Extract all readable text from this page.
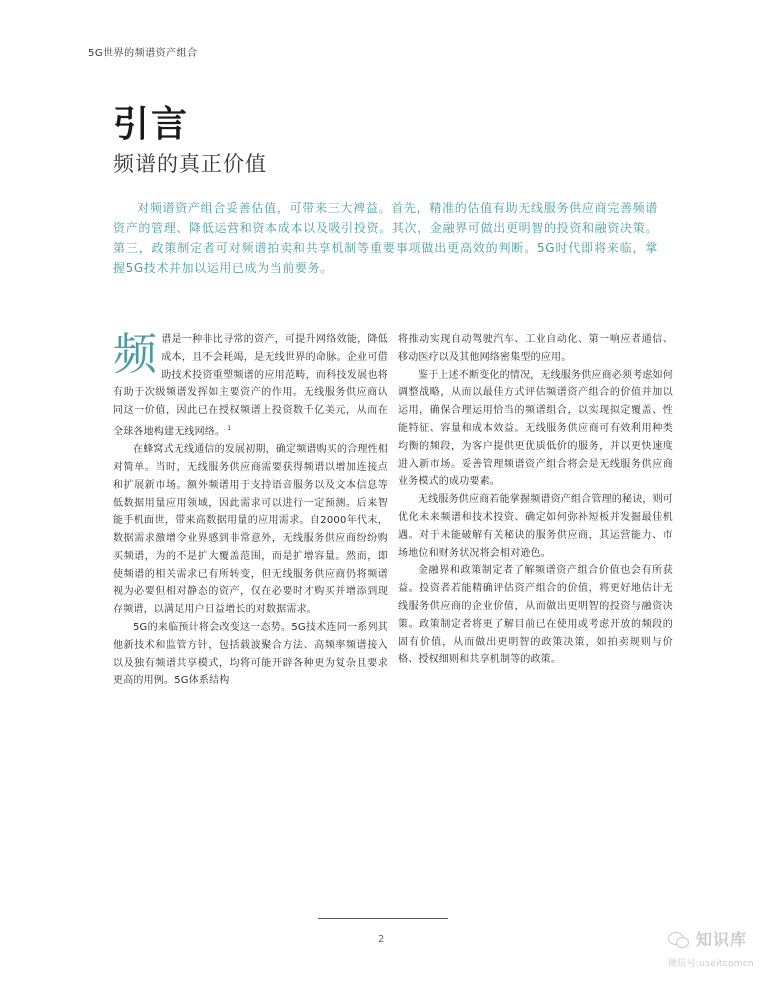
5G世界的频谱资产组合
引言
频谱的真正价值

对频谱资产组合妥善估值，可带来三大裨益。首先，精准的估值有助无线服务供应商完善频谱资产的管理、降低运营和资本成本以及吸引投资。其次，金融界可做出更明智的投资和融资决策。第三，政策制定者可对频谱拍卖和共享机制等重要事项做出更高效的判断。5G时代即将来临，掌握5G技术并加以运用已成为当前要务。

频谱是一种非比寻常的资产，可提升网络效能，降低成本，且不会耗竭，是无线世界的命脉。企业可借助技术投资重塑频谱的应用范畴，而科技发展也将有助于次级频谱发挥如主要资产的作用。无线服务供应商认同这一价值，因此已在授权频谱上投资数千亿美元，从而在全球各地构建无线网络。 $^1$

在蜂窝式无线通信的发展初期，确定频谱购买的合理性相对简单。当时，无线服务供应商需要获得频谱以增加连接点和扩展新市场。额外频谱用于支持语音服务以及文本信息等低数据用量应用领域，因此需求可以进行一定预测。后来智能手机面世，带来高数据用量的应用需求。自2000年代末，数据需求激增令业界感到非常意外，无线服务供应商纷纷购买频谱，为的不是扩大覆盖范围，而是扩增容量。然而，即使频谱的相关需求已有所转变，但无线服务供应商仍将频谱视为必要但相对静态的资产，仅在必要时才购买并增添到现存频谱，以满足用户日益增长的对数据需求。

5G的来临预计将会改变这一态势。5G技术连同一系列其他新技术和监管方针，包括载波聚合方法、高频率频谱接入以及独有频谱共享模式，均将可能开辟各种更为复杂且要求更高的用例。5G体系结构

将推动实现自动驾驶汽车、工业自动化、第一响应者通信、移动医疗以及其他网络密集型的应用。

鉴于上述不断变化的情况，无线服务供应商必须考虑如何调整战略，从而以最佳方式评估频谱资产组合的价值并加以运用，确保合理运用恰当的频谱组合，以实现拟定覆盖、性能特征、容量和成本效益。无线服务供应商可有效利用种类均衡的频段，为客户提供更优质低价的服务，并以更快速度进入新市场。妥善管理频谱资产组合将会是无线服务供应商业务模式的成功要素。

无线服务供应商若能掌握频谱资产组合管理的秘诀，则可优化未来频谱和技术投资、确定如何弥补短板并发掘最佳机遇。对于未能破解有关秘诀的服务供应商，其运营能力、市场地位和财务状况将会相对逊色。

金融界和政策制定者了解频谱资产组合价值也会有所获益。投资者若能精确评估资产组合的价值，将更好地估计无线服务供应商的企业价值，从而做出更明智的投资与融资决策。政策制定者将更了解目前已在使用或考虑开放的频段的固有价值，从而做出更明智的政策决策，如拍卖规则与价格、授权细则和共享机制等的政策。

2	知识库
微信号:useitcomcn
